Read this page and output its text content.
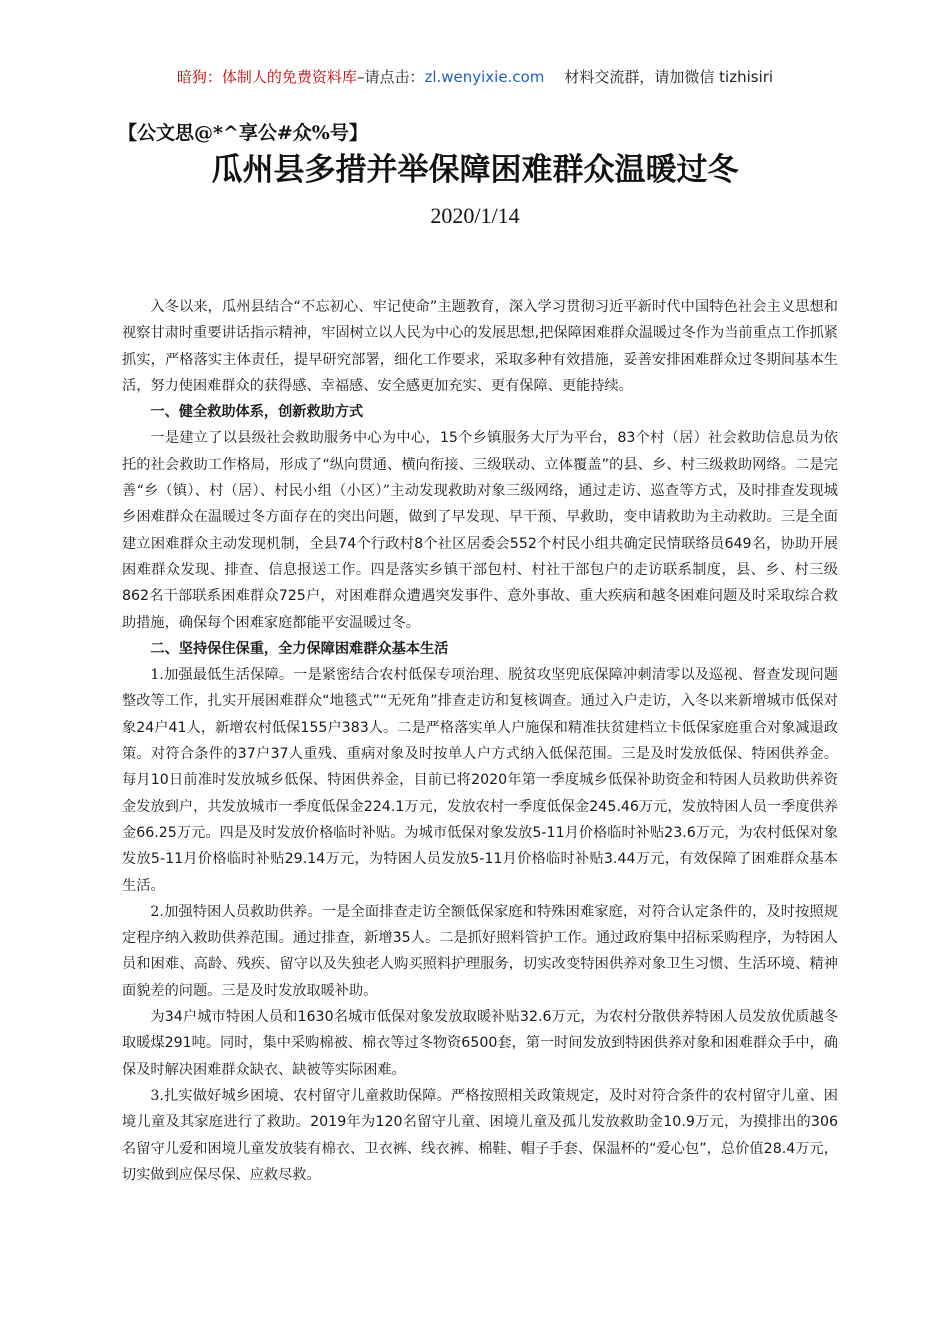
暗狗：体制人的免费资料库–请点击：zl.wenyixie.com 材料交流群，请加微信 tizhisiri
【公文思@*^享公#众%号】
瓜州县多措并举保障困难群众温暖过冬
2020/1/14

入冬以来，瓜州县结合“不忘初心、牢记使命”主题教育，深入学习贯彻习近平新时代中国特色社会主义思想和视察甘肃时重要讲话指示精神，牢固树立以人民为中心的发展思想,把保障困难群众温暖过冬作为当前重点工作抓紧抓实，严格落实主体责任，提早研究部署，细化工作要求，采取多种有效措施，妥善安排困难群众过冬期间基本生活，努力使困难群众的获得感、幸福感、安全感更加充实、更有保障、更能持续。

一、健全救助体系，创新救助方式

一是建立了以县级社会救助服务中心为中心，15个乡镇服务大厅为平台，83个村（居）社会救助信息员为依托的社会救助工作格局，形成了“纵向贯通、横向衔接、三级联动、立体覆盖”的县、乡、村三级救助网络。二是完善“乡（镇）、村（居）、村民小组（小区）”主动发现救助对象三级网络，通过走访、巡查等方式，及时排查发现城乡困难群众在温暖过冬方面存在的突出问题，做到了早发现、早干预、早救助，变申请救助为主动救助。三是全面建立困难群众主动发现机制，全县74个行政村8个社区居委会552个村民小组共确定民情联络员649名，协助开展困难群众发现、排查、信息报送工作。四是落实乡镇干部包村、村社干部包户的走访联系制度，县、乡、村三级862名干部联系困难群众725户，对困难群众遭遇突发事件、意外事故、重大疾病和越冬困难问题及时采取综合救助措施，确保每个困难家庭都能平安温暖过冬。

二、坚持保住保重，全力保障困难群众基本生活

1.加强最低生活保障。一是紧密结合农村低保专项治理、脱贫攻坚兜底保障冲刺清零以及巡视、督查发现问题整改等工作，扎实开展困难群众“地毯式”“无死角”排查走访和复核调查。通过入户走访，入冬以来新增城市低保对象24户41人，新增农村低保155户383人。二是严格落实单人户施保和精准扶贫建档立卡低保家庭重合对象减退政策。对符合条件的37户37人重残、重病对象及时按单人户方式纳入低保范围。三是及时发放低保、特困供养金。每月10日前准时发放城乡低保、特困供养金，目前已将2020年第一季度城乡低保补助资金和特困人员救助供养资金发放到户，共发放城市一季度低保金224.1万元，发放农村一季度低保金245.46万元，发放特困人员一季度供养金66.25万元。四是及时发放价格临时补贴。为城市低保对象发放5-11月价格临时补贴23.6万元，为农村低保对象发放5-11月价格临时补贴29.14万元，为特困人员发放5-11月价格临时补贴3.44万元，有效保障了困难群众基本生活。

2.加强特困人员救助供养。一是全面排查走访全额低保家庭和特殊困难家庭，对符合认定条件的，及时按照规定程序纳入救助供养范围。通过排查，新增35人。二是抓好照料管护工作。通过政府集中招标采购程序，为特困人员和困难、高龄、残疾、留守以及失独老人购买照料护理服务，切实改变特困供养对象卫生习惯、生活环境、精神面貌差的问题。三是及时发放取暖补助。

为34户城市特困人员和1630名城市低保对象发放取暖补贴32.6万元，为农村分散供养特困人员发放优质越冬取暖煤291吨。同时，集中采购棉被、棉衣等过冬物资6500套，第一时间发放到特困供养对象和困难群众手中，确保及时解决困难群众缺衣、缺被等实际困难。

3.扎实做好城乡困境、农村留守儿童救助保障。严格按照相关政策规定，及时对符合条件的农村留守儿童、困境儿童及其家庭进行了救助。2019年为120名留守儿童、困境儿童及孤儿发放救助金10.9万元，为摸排出的306名留守儿爱和困境儿童发放装有棉衣、卫衣裤、线衣裤、棉鞋、帽子手套、保温杯的“爱心包”，总价值28.4万元，切实做到应保尽保、应救尽救。
